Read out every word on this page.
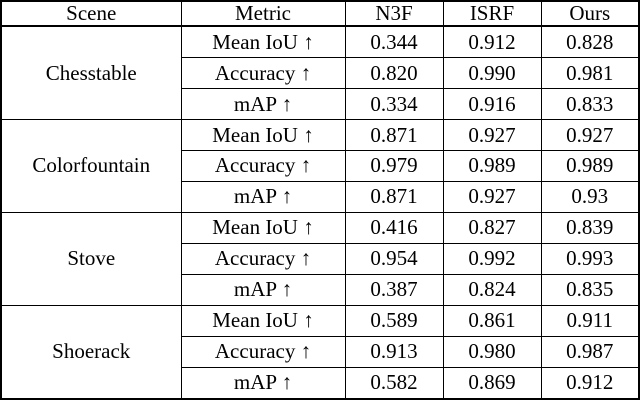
Scene	Metric	N3F	ISRF	Ours
Chesstable	Mean IoU ↑	0.344	0.912	0.828
	Accuracy ↑	0.820	0.990	0.981
	mAP ↑	0.334	0.916	0.833
Colorfountain	Mean IoU ↑	0.871	0.927	0.927
	Accuracy ↑	0.979	0.989	0.989
	mAP ↑	0.871	0.927	0.93
Stove	Mean IoU ↑	0.416	0.827	0.839
	Accuracy ↑	0.954	0.992	0.993
	mAP ↑	0.387	0.824	0.835
Shoerack	Mean IoU ↑	0.589	0.861	0.911
	Accuracy ↑	0.913	0.980	0.987
	mAP ↑	0.582	0.869	0.912
